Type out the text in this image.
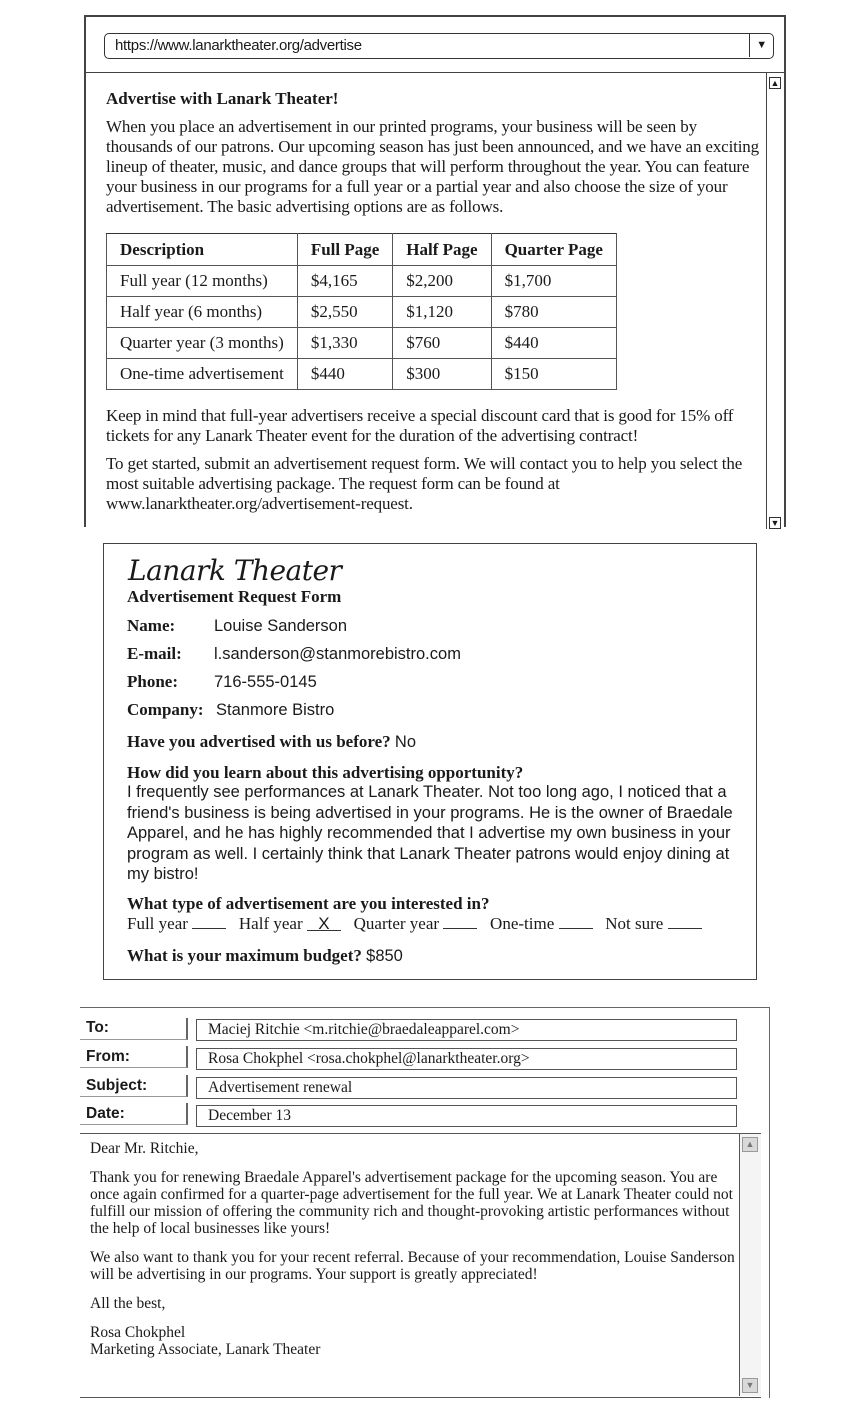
https://www.lanarktheater.org/advertise	▼
▲
▼

Advertise with Lanark Theater!

When you place an advertisement in our printed programs, your business will be seen by thousands of our patrons. Our upcoming season has just been announced, and we have an exciting lineup of theater, music, and dance groups that will perform throughout the year. You can feature your business in our programs for a full year or a partial year and also choose the size of your advertisement. The basic advertising options are as follows.

Description	Full Page	Half Page	Quarter Page
Full year (12 months)	$4,165	$2,200	$1,700
Half year (6 months)	$2,550	$1,120	$780
Quarter year (3 months)	$1,330	$760	$440
One-time advertisement	$440	$300	$150

Keep in mind that full-year advertisers receive a special discount card that is good for 15% off tickets for any Lanark Theater event for the duration of the advertising contract!

To get started, submit an advertisement request form. We will contact you to help you select the most suitable advertising package. The request form can be found at www.lanarktheater.org/advertisement-request.

Lanark Theater
Advertisement Request Form
Name: Louise Sanderson
E-mail: l.sanderson@stanmorebistro.com
Phone: 716-555-0145
Company: Stanmore Bistro
Have you advertised with us before? No
How did you learn about this advertising opportunity?
I frequently see performances at Lanark Theater. Not too long ago, I noticed that a friend's business is being advertised in your programs. He is the owner of Braedale Apparel, and he has highly recommended that I advertise my own business in your program as well. I certainly think that Lanark Theater patrons would enjoy dining at my bistro!
What type of advertisement are you interested in?
Full year	Half year X Quarter year	One-time	Not sure
What is your maximum budget? $850
To:	Maciej Ritchie <m.ritchie@braedaleapparel.com>
From:	Rosa Chokphel <rosa.chokphel@lanarktheater.org>
Subject:	Advertisement renewal
Date:	December 13

Dear Mr. Ritchie,

Thank you for renewing Braedale Apparel's advertisement package for the upcoming season. You are once again confirmed for a quarter-page advertisement for the full year. We at Lanark Theater could not fulfill our mission of offering the community rich and thought-provoking artistic performances without the help of local businesses like yours!

We also want to thank you for your recent referral. Because of your recommendation, Louise Sanderson will be advertising in our programs. Your support is greatly appreciated!

All the best,

Rosa Chokphel

Marketing Associate, Lanark Theater

▲
▼
